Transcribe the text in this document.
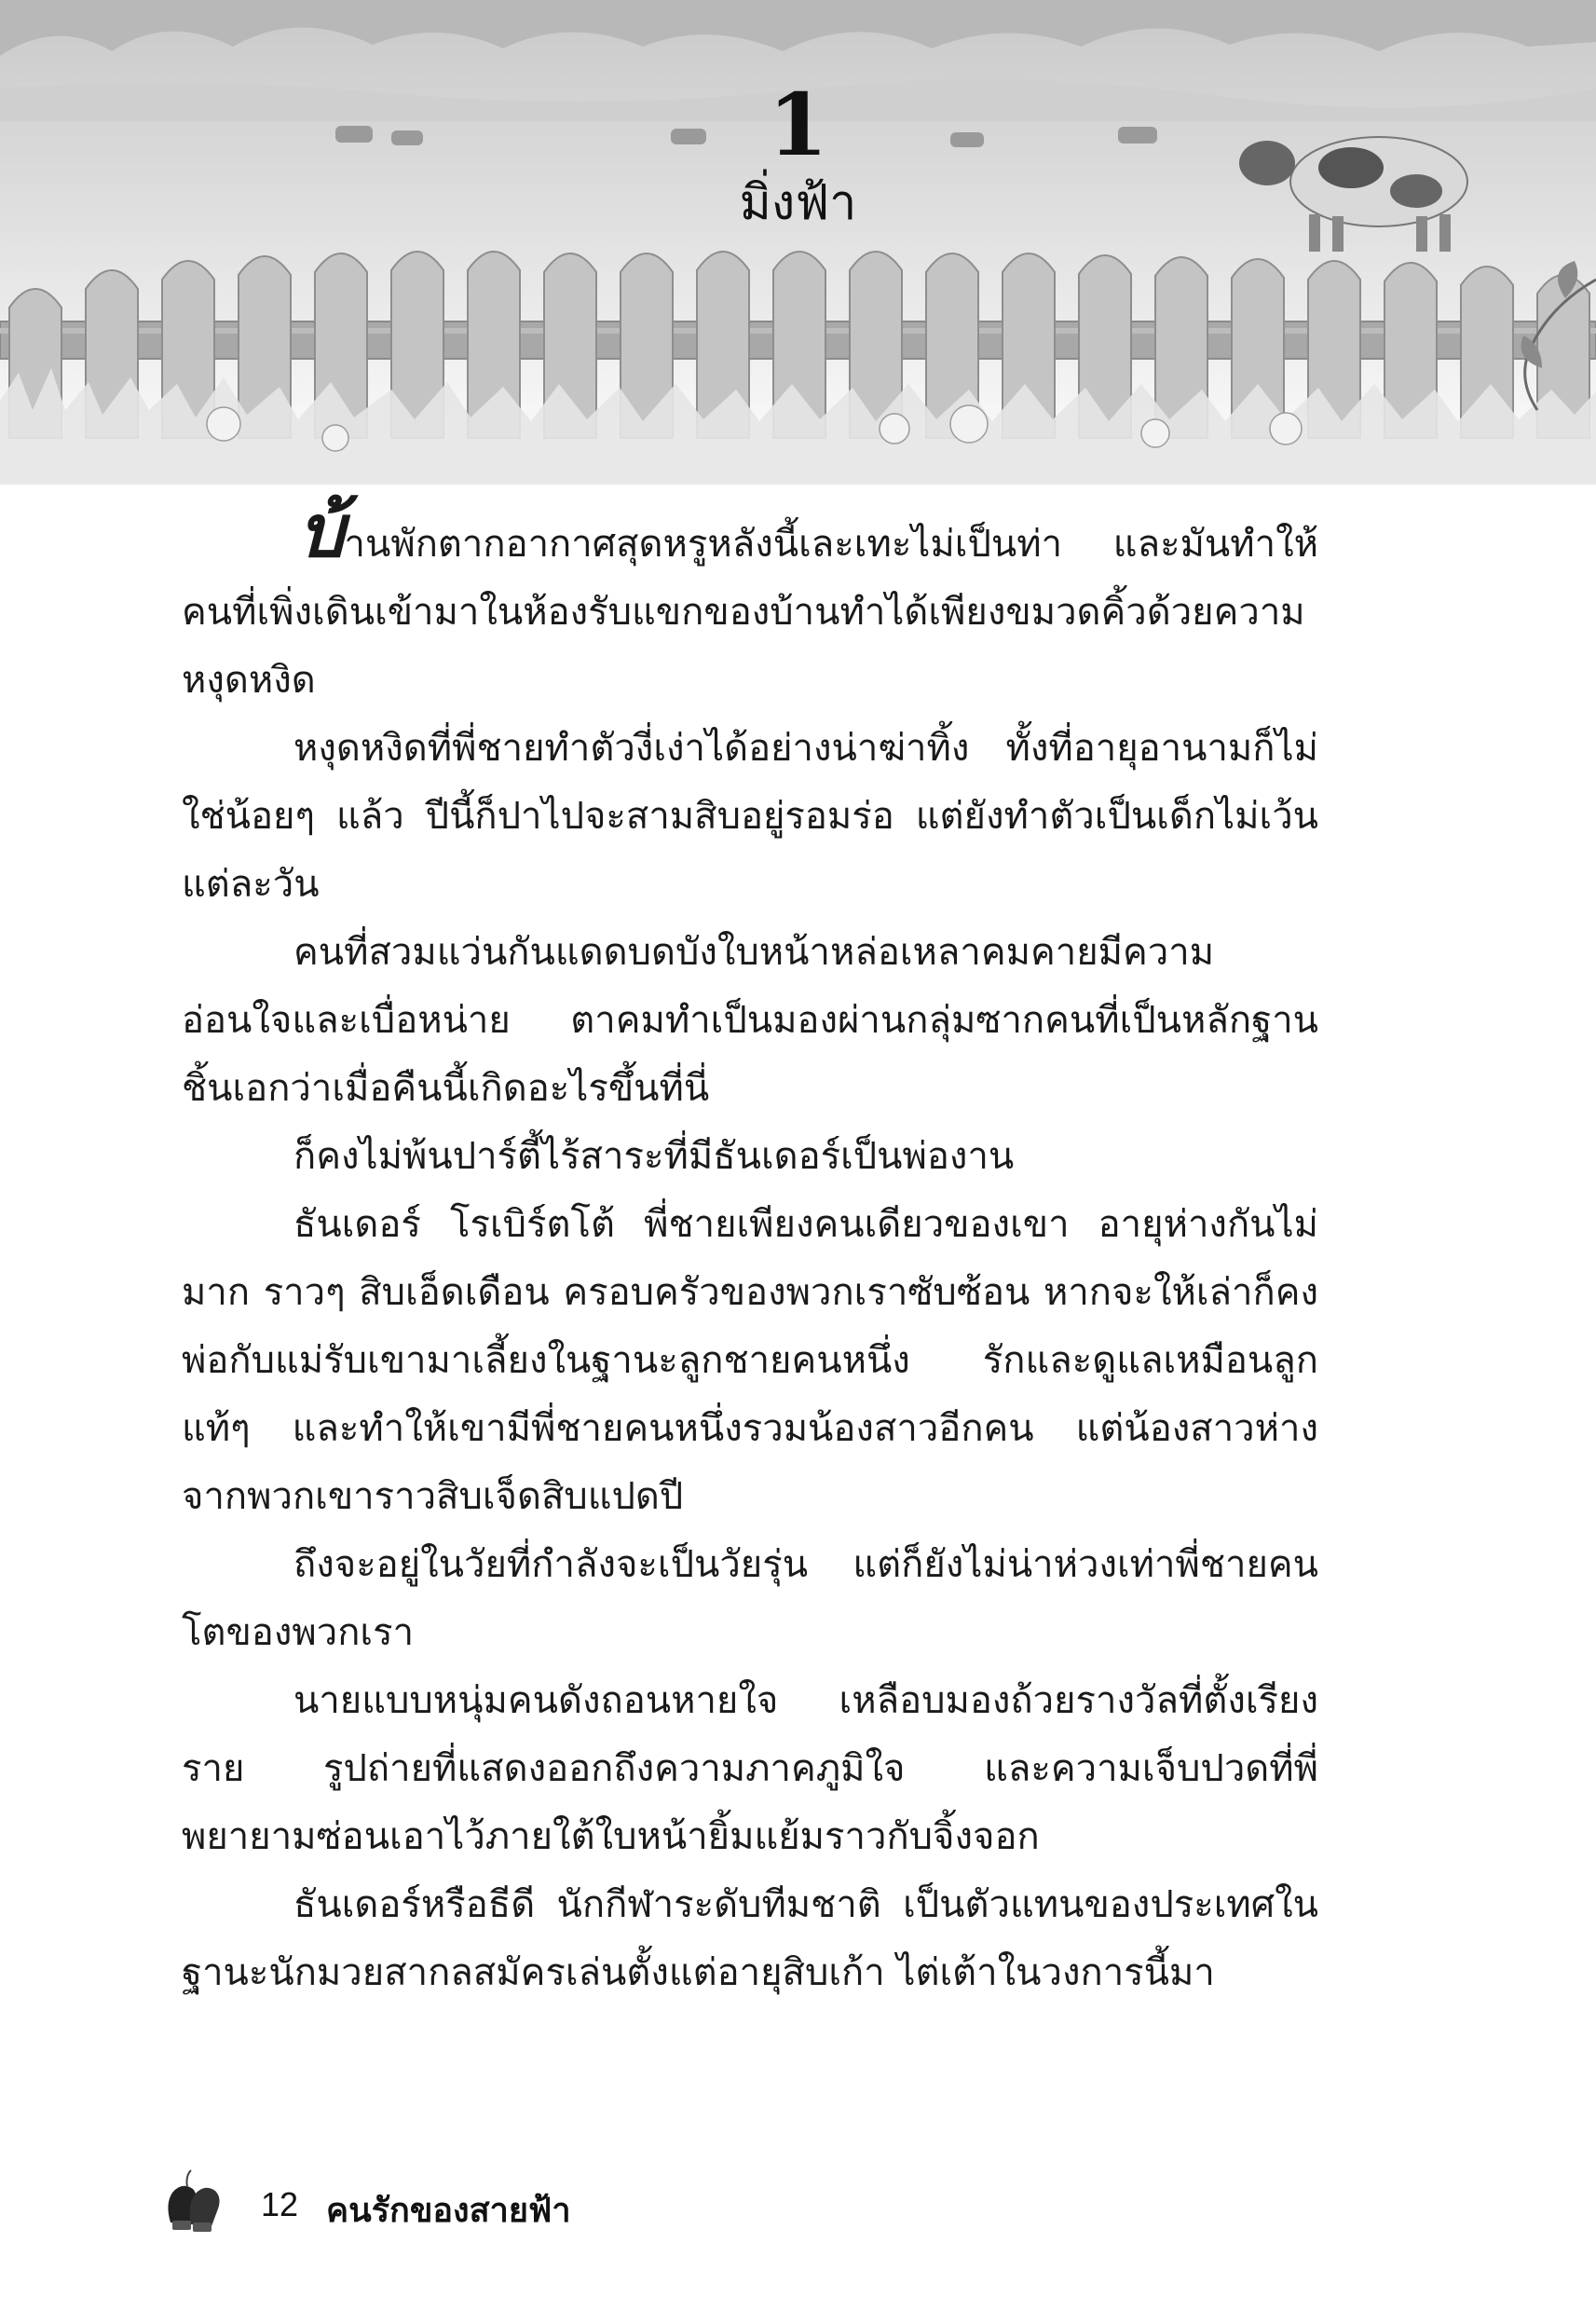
1
มิ่งฟ้า

บ้านพักตากอากาศสุดหรูหลังนี้เละเทะไม่เป็นท่า และมันทำให้คนที่เพิ่งเดินเข้ามาในห้องรับแขกของบ้านทำได้เพียงขมวดคิ้วด้วยความหงุดหงิด

หงุดหงิดที่พี่ชายทำตัวงี่เง่าได้อย่างน่าฆ่าทิ้ง ทั้งที่อายุอานามก็ไม่ใช่น้อยๆ แล้ว ปีนี้ก็ปาไปจะสามสิบอยู่รอมร่อ แต่ยังทำตัวเป็นเด็กไม่เว้นแต่ละวัน

คนที่สวมแว่นกันแดดบดบังใบหน้าหล่อเหลาคมคายมีความอ่อนใจและเบื่อหน่าย ตาคมทำเป็นมองผ่านกลุ่มซากคนที่เป็นหลักฐานชิ้นเอกว่าเมื่อคืนนี้เกิดอะไรขึ้นที่นี่

ก็คงไม่พ้นปาร์ตี้ไร้สาระที่มีธันเดอร์เป็นพ่องาน

ธันเดอร์ โรเบิร์ตโต้ พี่ชายเพียงคนเดียวของเขา อายุห่างกันไม่มาก ราวๆ สิบเอ็ดเดือน ครอบครัวของพวกเราซับซ้อน หากจะให้เล่าก็คง พ่อกับแม่รับเขามาเลี้ยงในฐานะลูกชายคนหนึ่ง รักและดูแลเหมือนลูกแท้ๆ และทำให้เขามีพี่ชายคนหนึ่งรวมน้องสาวอีกคน แต่น้องสาวห่างจากพวกเขาราวสิบเจ็ดสิบแปดปี

ถึงจะอยู่ในวัยที่กำลังจะเป็นวัยรุ่น แต่ก็ยังไม่น่าห่วงเท่าพี่ชายคนโตของพวกเรา

นายแบบหนุ่มคนดังถอนหายใจ เหลือบมองถ้วยรางวัลที่ตั้งเรียงราย รูปถ่ายที่แสดงออกถึงความภาคภูมิใจ และความเจ็บปวดที่พี่พยายามซ่อนเอาไว้ภายใต้ใบหน้ายิ้มแย้มราวกับจิ้งจอก

ธันเดอร์หรือธีดี นักกีฬาระดับทีมชาติ เป็นตัวแทนของประเทศในฐานะนักมวยสากลสมัครเล่นตั้งแต่อายุสิบเก้า ไต่เต้าในวงการนี้มา

12 คนรักของสายฟ้า
